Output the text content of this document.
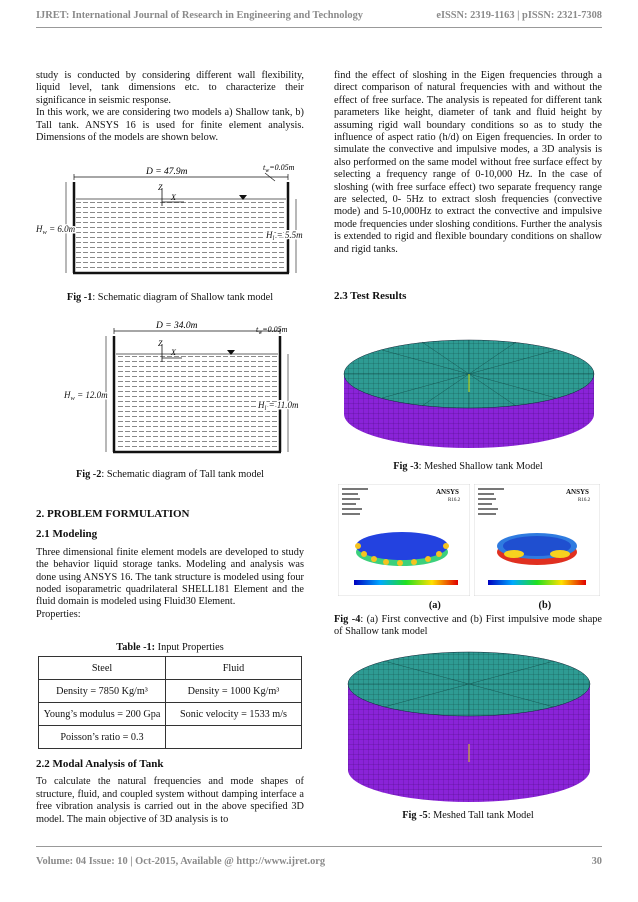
IJRET: International Journal of Research in Engineering and Technology	eISSN: 2319-1163 | pISSN: 2321-7308

study is conducted by considering different wall flexibility, liquid level, tank dimensions etc. to characterize their significance in seismic response.

In this work, we are considering two models a) Shallow tank, b) Tall tank. ANSYS 16 is used for finite element analysis. Dimensions of the models are shown below.

D = 47.9m	$t_w=0.05m$
Z
X
$H_w = 6.0m$
$H_l = 5.5m$
Fig -1: Schematic diagram of Shallow tank model
D = 34.0m	$t_w=0.05m$
Z
X
$H_w = 12.0m$
$H_l = 11.0m$
Fig -2: Schematic diagram of Tall tank model

2. PROBLEM FORMULATION

2.1 Modeling

Three dimensional finite element models are developed to study the behavior liquid storage tanks. Modeling and analysis was done using ANSYS 16. The tank structure is modeled using four noded isoparametric quadrilateral SHELL181 Element and the fluid domain is modeled using Fluid30 Element.

Properties:

Table -1: Input Properties
Steel	Fluid
Density = 7850 Kg/m³	Density = 1000 Kg/m³
Young’s modulus = 200 Gpa	Sonic velocity = 1533 m/s
Poisson’s ratio = 0.3	

2.2 Modal Analysis of Tank

To calculate the natural frequencies and mode shapes of structure, fluid, and coupled system without damping interface a free vibration analysis is carried out in the above specified 3D model. The main objective of 3D analysis is to

find the effect of sloshing in the Eigen frequencies through a direct comparison of natural frequencies with and without the effect of free surface. The analysis is repeated for different tank parameters like height, diameter of tank and fluid height by assuming rigid wall boundary conditions so as to study the influence of aspect ratio (h/d) on Eigen frequencies. In order to simulate the convective and impulsive modes, a 3D analysis is also performed on the same model without free surface effect by selecting a frequency range of 0-10,000 Hz. In the case of sloshing (with free surface effect) two separate frequency range are selected, 0- 5Hz to extract slosh frequencies (convective mode) and 5-10,000Hz to extract the convective and impulsive mode frequencies under sloshing conditions. Further the analysis is extended to rigid and flexible boundary conditions on shallow and rigid tanks.

2.3 Test Results

Fig -3: Meshed Shallow tank Model
ANSYS
R16.2
ANSYS
R16.2
(a)	(b)
Fig -4: (a) First convective and (b) First impulsive mode shape of Shallow tank model
Fig -5: Meshed Tall tank Model
Volume: 04 Issue: 10 | Oct-2015, Available @ http://www.ijret.org	30
